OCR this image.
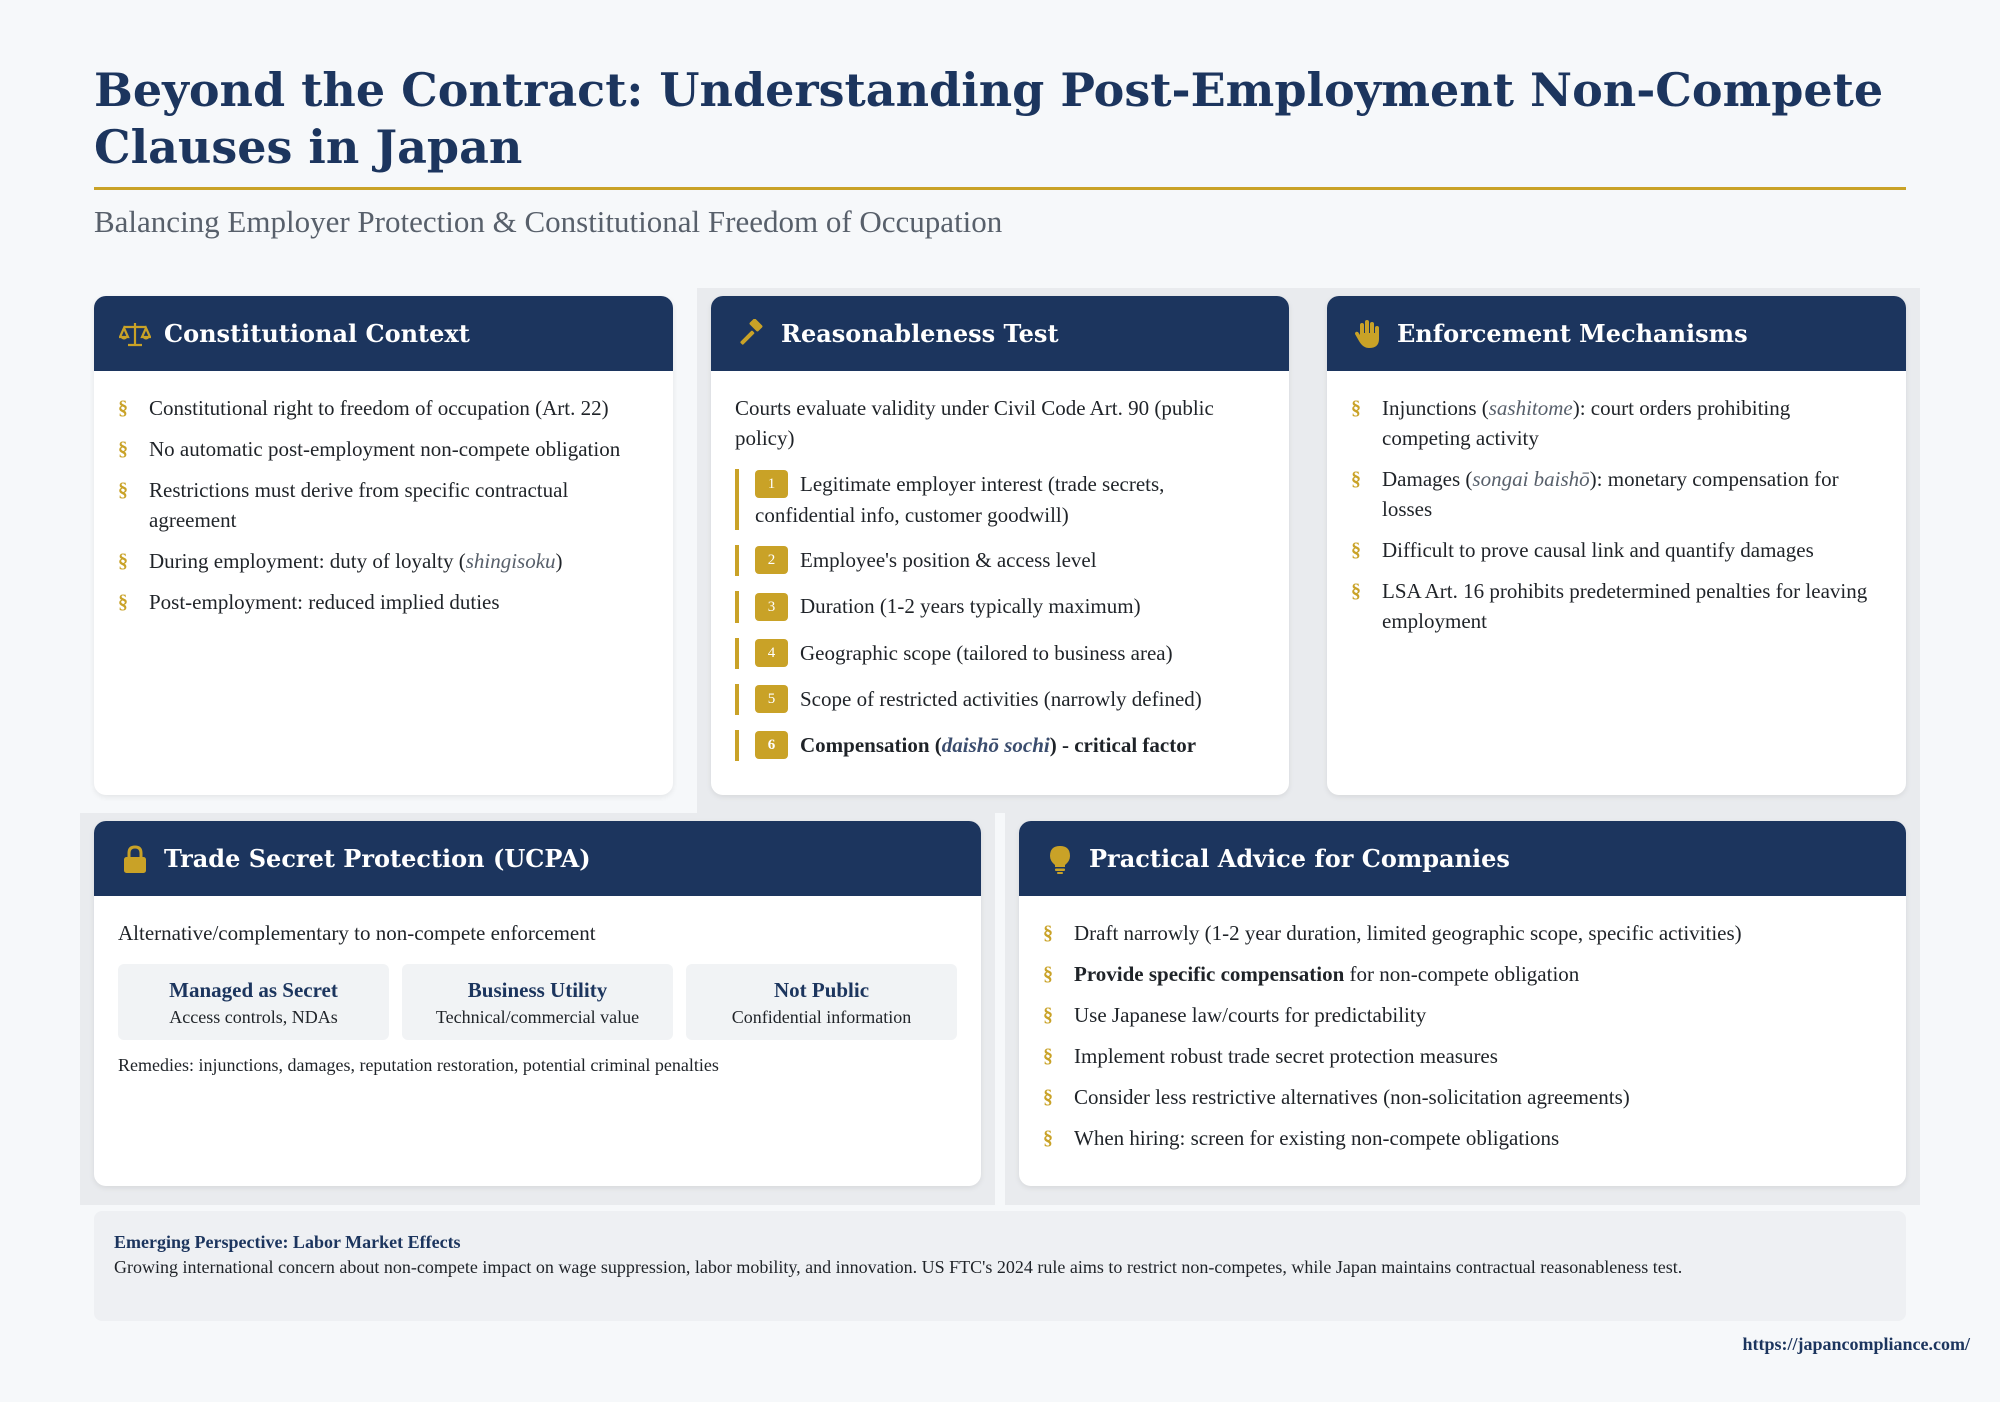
Beyond the Contract: Understanding Post-Employment Non-Compete Clauses in Japan
Balancing Employer Protection & Constitutional Freedom of Occupation
Constitutional Context
§ Constitutional right to freedom of occupation (Art. 22)
§ No automatic post-employment non-compete obligation
§ Restrictions must derive from specific contractual agreement
§ During employment: duty of loyalty (shingisoku)
§ Post-employment: reduced implied duties
Reasonableness Test

Courts evaluate validity under Civil Code Art. 90 (public policy)

1 Legitimate employer interest (trade secrets, confidential info, customer goodwill)
2 Employee's position & access level
3 Duration (1-2 years typically maximum)
4 Geographic scope (tailored to business area)
5 Scope of restricted activities (narrowly defined)
6 Compensation (daishō sochi) - critical factor
Enforcement Mechanisms
§ Injunctions (sashitome): court orders prohibiting competing activity
§ Damages (songai baishō): monetary compensation for losses
§ Difficult to prove causal link and quantify damages
§ LSA Art. 16 prohibits predetermined penalties for leaving employment
Trade Secret Protection (UCPA)

Alternative/complementary to non-compete enforcement

Managed as Secret
Access controls, NDAs
Business Utility
Technical/commercial value
Not Public
Confidential information

Remedies: injunctions, damages, reputation restoration, potential criminal penalties

Practical Advice for Companies
§ Draft narrowly (1-2 year duration, limited geographic scope, specific activities)
§ Provide specific compensation for non-compete obligation
§ Use Japanese law/courts for predictability
§ Implement robust trade secret protection measures
§ Consider less restrictive alternatives (non-solicitation agreements)
§ When hiring: screen for existing non-compete obligations
Emerging Perspective: Labor Market Effects
Growing international concern about non-compete impact on wage suppression, labor mobility, and innovation. US FTC's 2024 rule aims to restrict non-competes, while Japan maintains contractual reasonableness test.
https://japancompliance.com/
